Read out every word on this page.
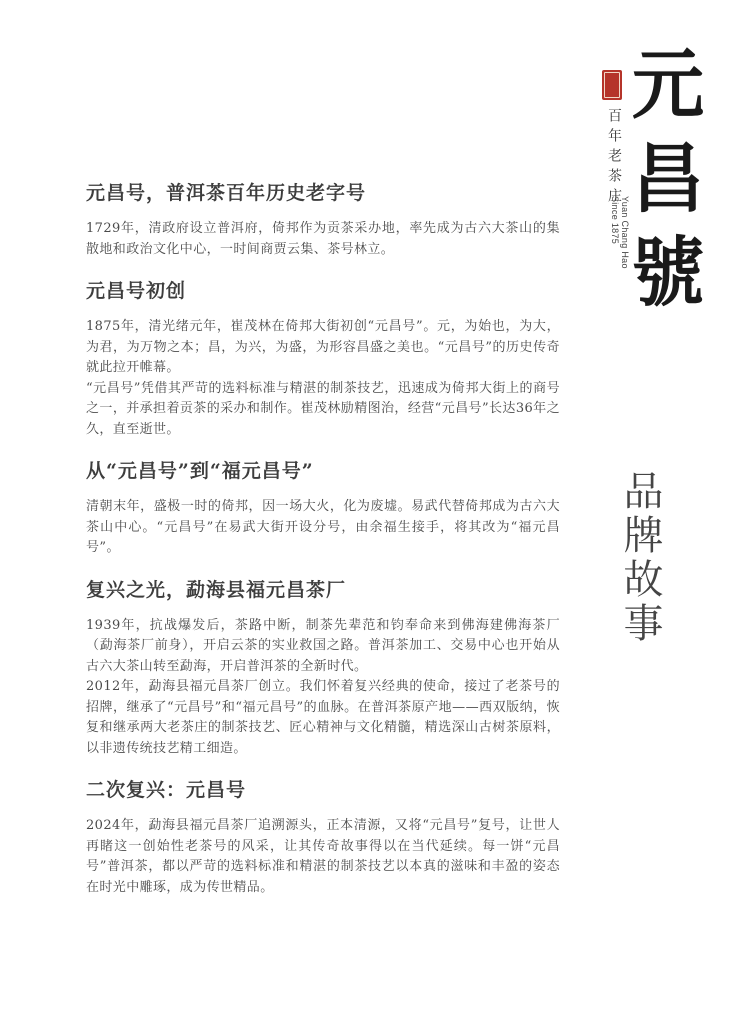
元昌号，普洱茶百年历史老字号

1729年，清政府设立普洱府，倚邦作为贡茶采办地，率先成为古六大茶山的集散地和政治文化中心，一时间商贾云集、茶号林立。

元昌号初创

1875年，清光绪元年，崔茂林在倚邦大街初创“元昌号”。元，为始也，为大，为君，为万物之本；昌，为兴，为盛，为形容昌盛之美也。“元昌号”的历史传奇就此拉开帷幕。

“元昌号”凭借其严苛的选料标准与精湛的制茶技艺，迅速成为倚邦大街上的商号之一，并承担着贡茶的采办和制作。崔茂林励精图治，经营“元昌号”长达36年之久，直至逝世。

从“元昌号”到“福元昌号”

清朝末年，盛极一时的倚邦，因一场大火，化为废墟。易武代替倚邦成为古六大茶山中心。“元昌号”在易武大街开设分号，由余福生接手，将其改为“福元昌号”。

复兴之光，勐海县福元昌茶厂

1939年，抗战爆发后，茶路中断，制茶先辈范和钧奉命来到佛海建佛海茶厂（勐海茶厂前身），开启云茶的实业救国之路。普洱茶加工、交易中心也开始从古六大茶山转至勐海，开启普洱茶的全新时代。

2012年，勐海县福元昌茶厂创立。我们怀着复兴经典的使命，接过了老茶号的招牌，继承了“元昌号”和“福元昌号”的血脉。在普洱茶原产地——西双版纳，恢复和继承两大老茶庄的制茶技艺、匠心精神与文化精髓，精选深山古树茶原料，以非遗传统技艺精工细造。

二次复兴：元昌号

2024年，勐海县福元昌茶厂追溯源头，正本清源，又将“元昌号”复号，让世人再睹这一创始性老茶号的风采，让其传奇故事得以在当代延续。每一饼“元昌号”普洱茶，都以严苛的选料标准和精湛的制茶技艺以本真的滋味和丰盈的姿态在时光中雕琢，成为传世精品。

元
昌
號
百年老茶庄
Yuan Chang Hao
Since 1875
品牌故事
